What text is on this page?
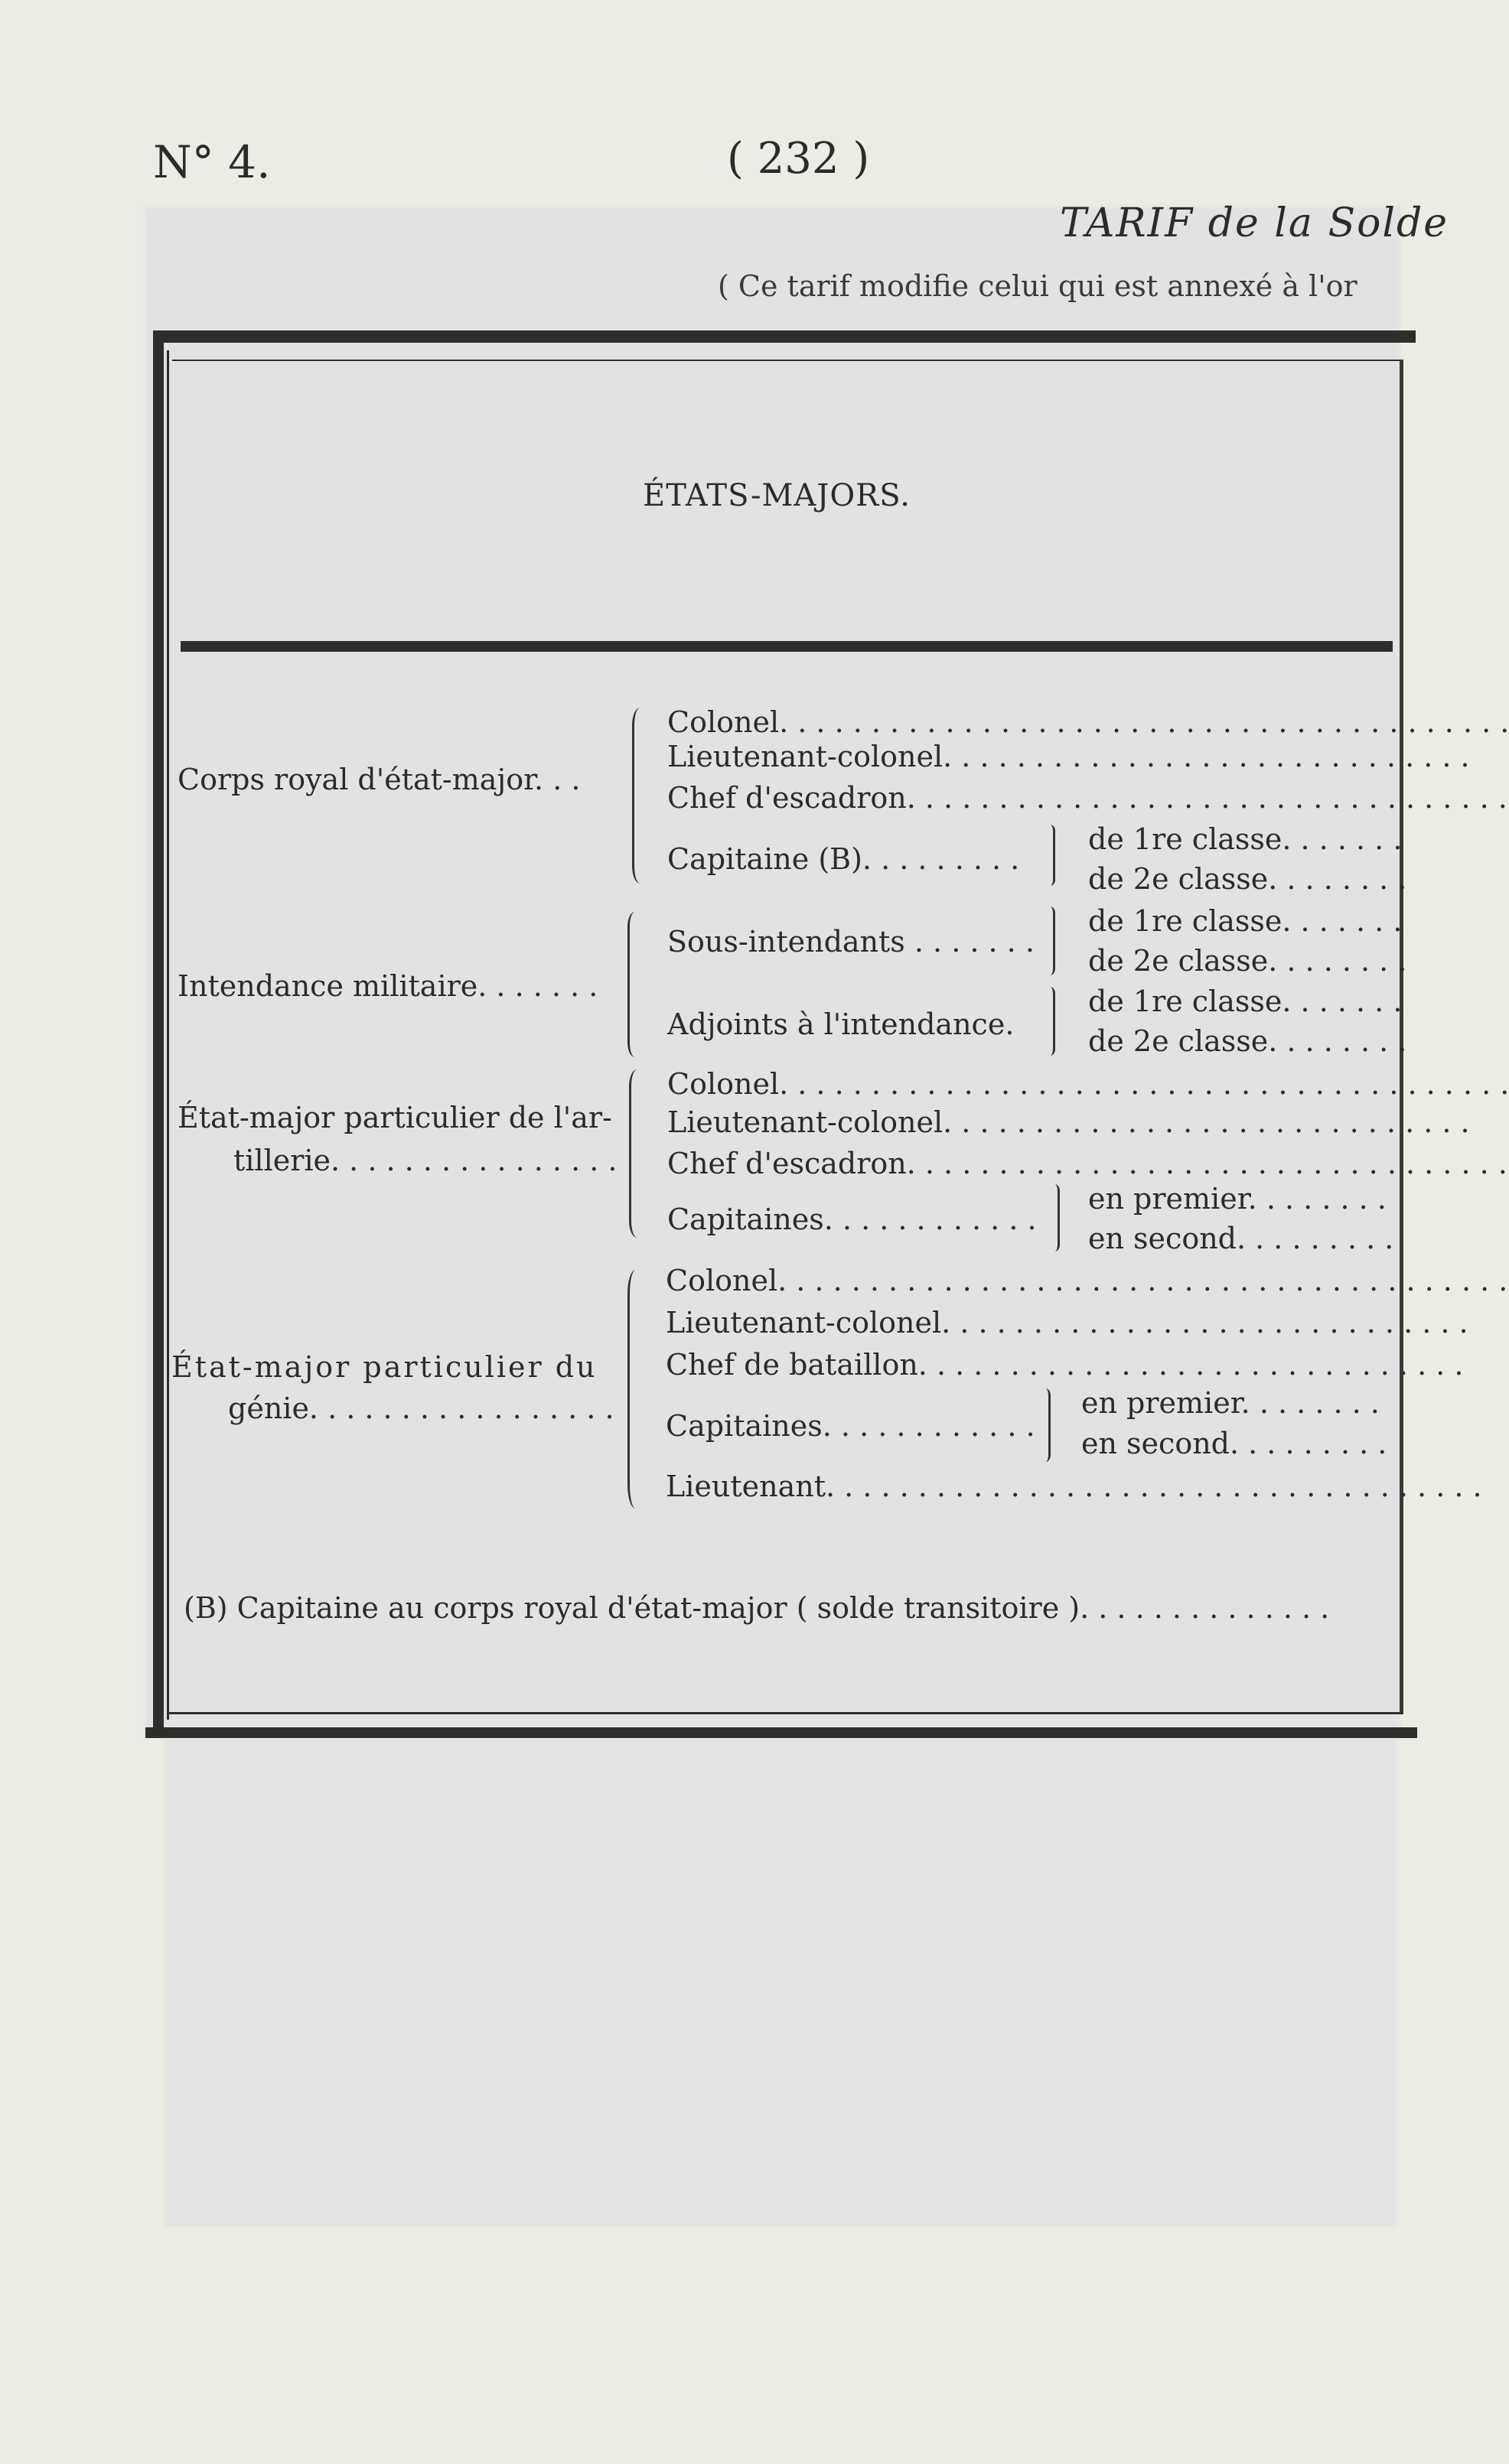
N° 4.	( 232 )
TARIF de la Solde
( Ce tarif modifie celui qui est annexé à l'or
ÉTATS-MAJORS.
Corps royal d'état-major. . .
Colonel. . . . . . . . . . . . . . . . . . . . . . . . . . . . . . . . . . . . . . . .
Lieutenant-colonel. . . . . . . . . . . . . . . . . . . . . . . . . . . . .
Chef d'escadron. . . . . . . . . . . . . . . . . . . . . . . . . . . . . . . . .
Capitaine (B). . . . . . . . .
de 1re classe. . . . . . .
de 2e classe. . . . . . . .
Intendance militaire. . . . . . .
Sous-intendants . . . . . . .
de 1re classe. . . . . . .
de 2e classe. . . . . . . .
Adjoints à l'intendance.
de 1re classe. . . . . . .
de 2e classe. . . . . . . .
État-major particulier de l'ar-
tillerie. . . . . . . . . . . . . . . .
Colonel. . . . . . . . . . . . . . . . . . . . . . . . . . . . . . . . . . . . . . . .
Lieutenant-colonel. . . . . . . . . . . . . . . . . . . . . . . . . . . . .
Chef d'escadron. . . . . . . . . . . . . . . . . . . . . . . . . . . . . . . . .
Capitaines. . . . . . . . . . . .
en premier. . . . . . . .
en second. . . . . . . . .
État-major particulier du
génie. . . . . . . . . . . . . . . . .
Colonel. . . . . . . . . . . . . . . . . . . . . . . . . . . . . . . . . . . . . . . .
Lieutenant-colonel. . . . . . . . . . . . . . . . . . . . . . . . . . . . .
Chef de bataillon. . . . . . . . . . . . . . . . . . . . . . . . . . . . . .
Capitaines. . . . . . . . . . . .
en premier. . . . . . . .
en second. . . . . . . . .
Lieutenant. . . . . . . . . . . . . . . . . . . . . . . . . . . . . . . . . . . .
(B) Capitaine au corps royal d'état-major ( solde transitoire ). . . . . . . . . . . . . .
